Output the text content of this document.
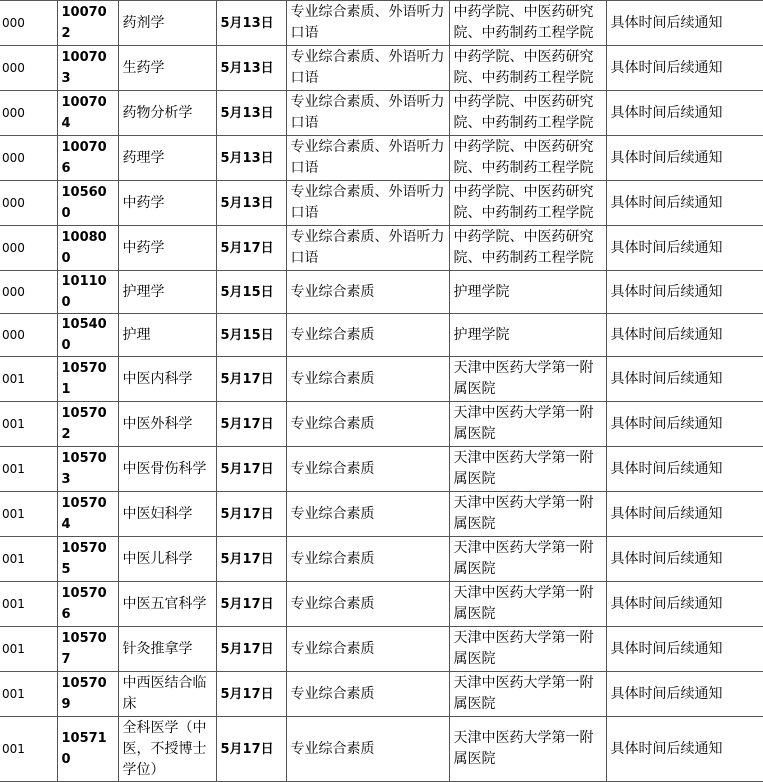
000	100702	药剂学	5月13日	专业综合素质、外语听力口语	中药学院、中医药研究院、中药制药工程学院	具体时间后续通知
000	100703	生药学	5月13日	专业综合素质、外语听力口语	中药学院、中医药研究院、中药制药工程学院	具体时间后续通知
000	100704	药物分析学	5月13日	专业综合素质、外语听力口语	中药学院、中医药研究院、中药制药工程学院	具体时间后续通知
000	100706	药理学	5月13日	专业综合素质、外语听力口语	中药学院、中医药研究院、中药制药工程学院	具体时间后续通知
000	105600	中药学	5月13日	专业综合素质、外语听力口语	中药学院、中医药研究院、中药制药工程学院	具体时间后续通知
000	100800	中药学	5月17日	专业综合素质、外语听力口语	中药学院、中医药研究院、中药制药工程学院	具体时间后续通知
000	101100	护理学	5月15日	专业综合素质	护理学院	具体时间后续通知
000	105400	护理	5月15日	专业综合素质	护理学院	具体时间后续通知
001	105701	中医内科学	5月17日	专业综合素质	天津中医药大学第一附属医院	具体时间后续通知
001	105702	中医外科学	5月17日	专业综合素质	天津中医药大学第一附属医院	具体时间后续通知
001	105703	中医骨伤科学	5月17日	专业综合素质	天津中医药大学第一附属医院	具体时间后续通知
001	105704	中医妇科学	5月17日	专业综合素质	天津中医药大学第一附属医院	具体时间后续通知
001	105705	中医儿科学	5月17日	专业综合素质	天津中医药大学第一附属医院	具体时间后续通知
001	105706	中医五官科学	5月17日	专业综合素质	天津中医药大学第一附属医院	具体时间后续通知
001	105707	针灸推拿学	5月17日	专业综合素质	天津中医药大学第一附属医院	具体时间后续通知
001	105709	中西医结合临床	5月17日	专业综合素质	天津中医药大学第一附属医院	具体时间后续通知
001	105710	全科医学（中医，不授博士学位）	5月17日	专业综合素质	天津中医药大学第一附属医院	具体时间后续通知
